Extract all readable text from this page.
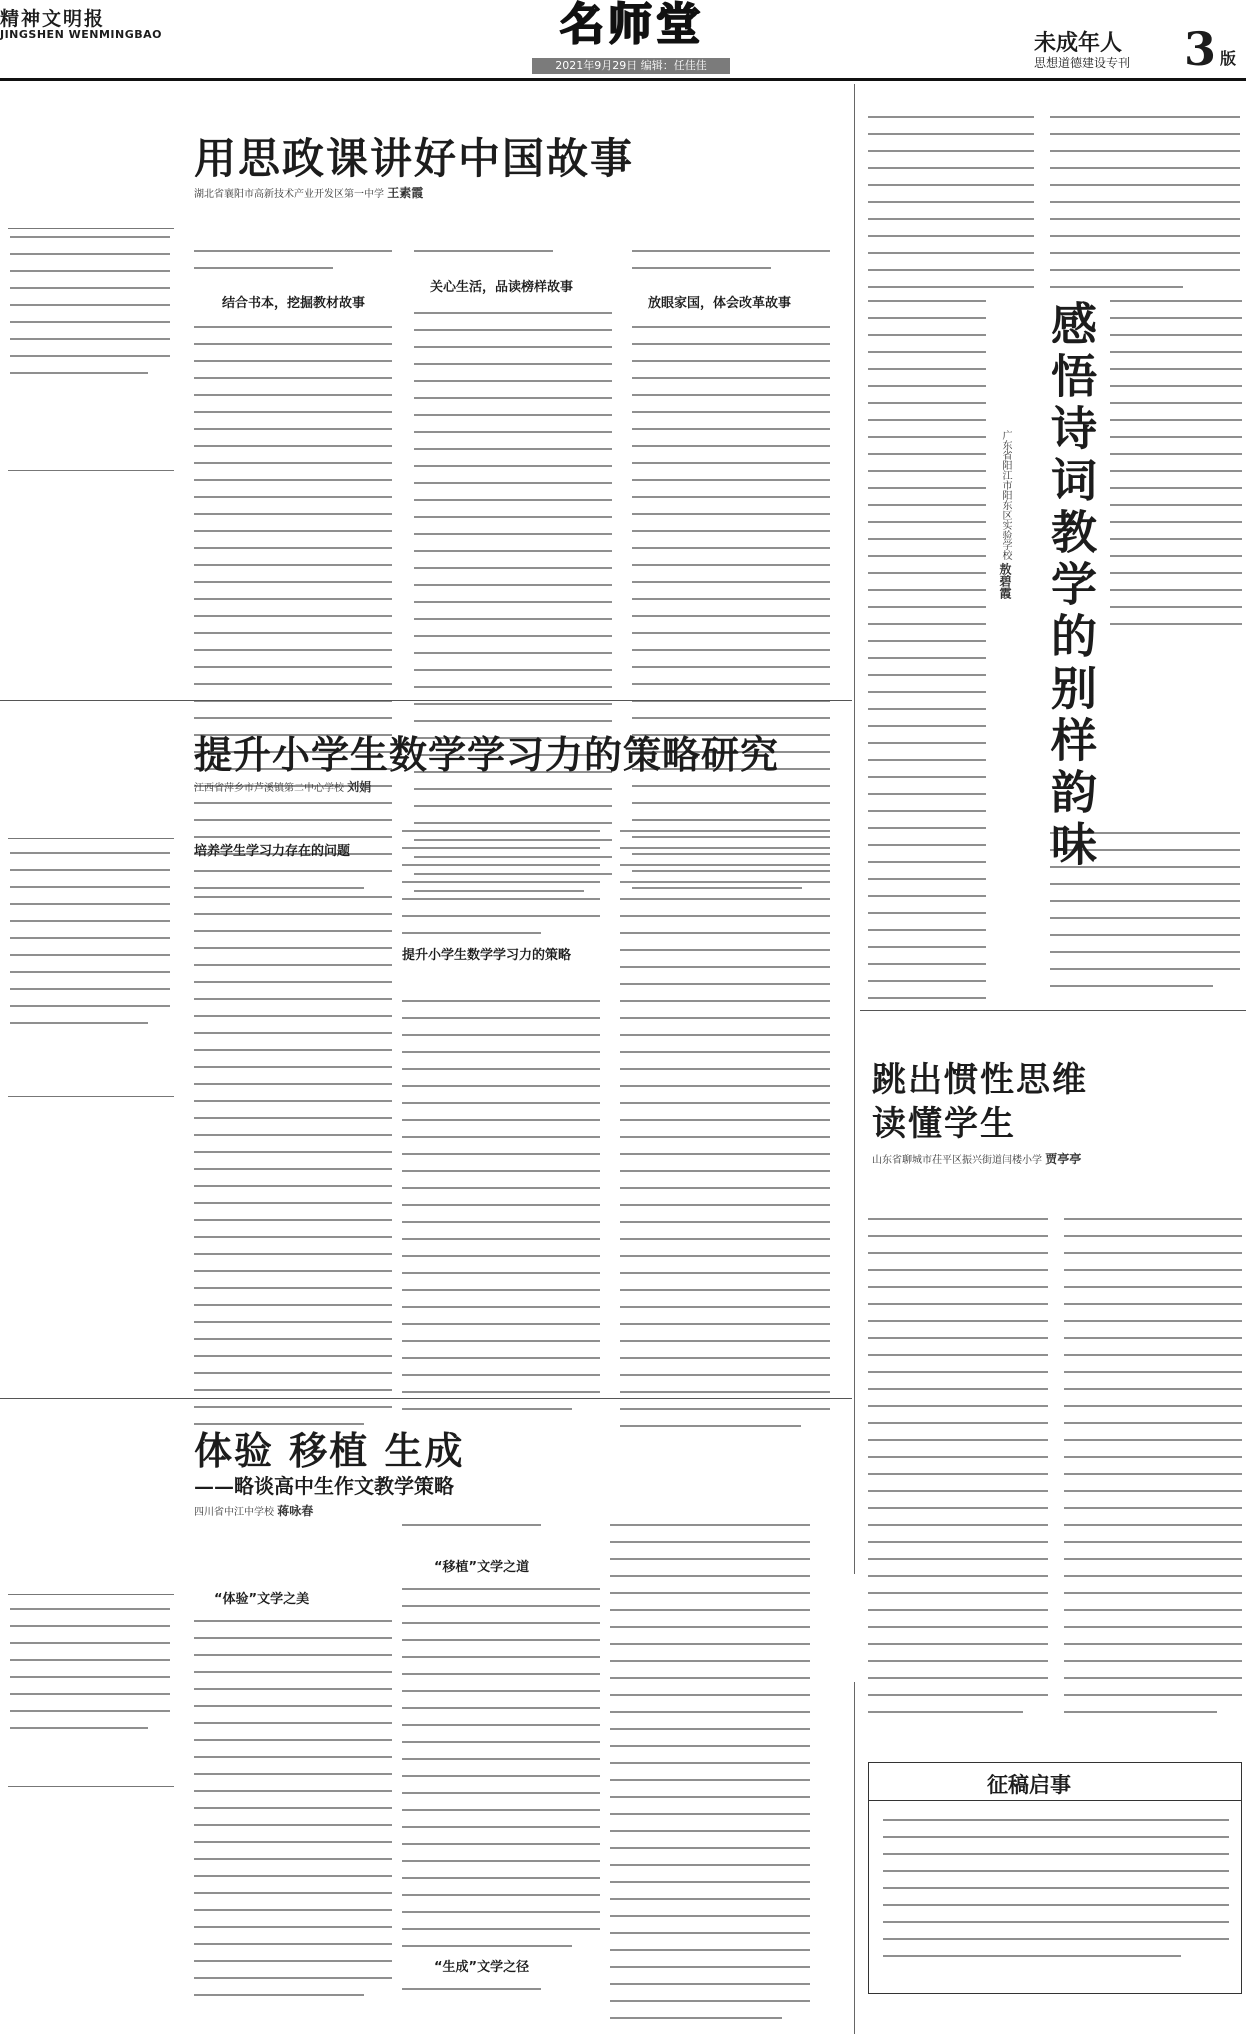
精神文明报
JINGSHEN WENMINGBAO	名师堂
2021年9月29日 编辑：任佳佳
未成年人
思想道德建设专刊 3 版
用思政课讲好中国故事
湖北省襄阳市高新技术产业开发区第一中学 王素霞
结合书本，挖掘教材故事
关心生活，品读榜样故事
放眼家国，体会改革故事
提升小学生数学学习力的策略研究
江西省萍乡市芦溪镇第二中心学校 刘娟
培养学生学习力存在的问题
提升小学生数学学习力的策略
体验 移植 生成
——略谈高中生作文教学策略
四川省中江中学校 蒋咏春
“体验”文学之美
“移植”文学之道
“生成”文学之径
感悟诗词教学的别样韵味
广东省阳江市阳东区实验学校 敖碧霞
跳出惯性思维
读懂学生
山东省聊城市茌平区振兴街道闫楼小学 贾亭亭
征稿启事
